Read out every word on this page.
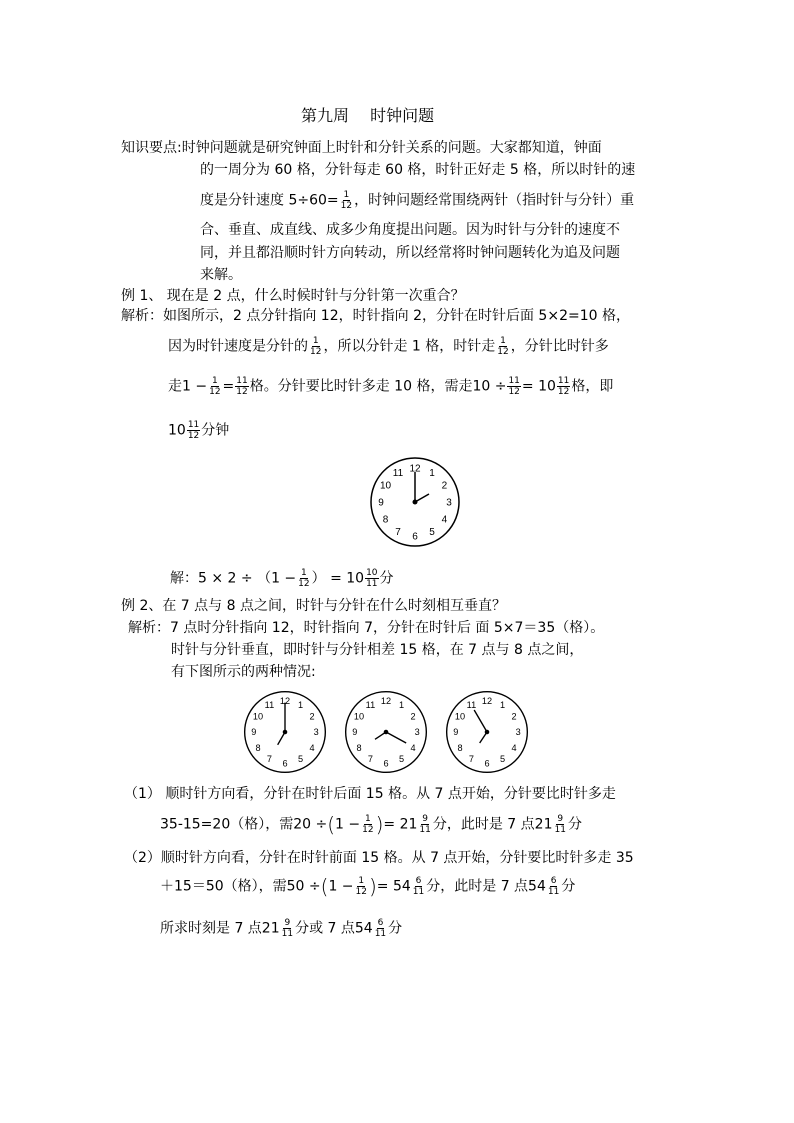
第九周　 时钟问题
知识要点:时钟问题就是研究钟面上时针和分针关系的问题。大家都知道，钟面
的一周分为 60 格，分针每走 60 格，时针正好走 5 格，所以时针的速
度是分针速度 $5\div 60= \frac{1}{12}$ ，时钟问题经常围绕两针（指时针与分针）重
合、垂直、成直线、成多少角度提出问题。因为时针与分针的速度不
同，并且都沿顺时针方向转动，所以经常将时钟问题转化为追及问题
来解。
例 1、 现在是 2 点，什么时候时针与分针第一次重合？
解析：如图所示，2 点分针指向 12，时针指向 2，分针在时针后面 5×2=10 格，
因为时针速度是分针的 $\frac{1}{12}$ ，所以分针走 1 格，时针走 $\frac{1}{12}$ ，分针比时针多
走$1 - \frac{1}{12} = \frac{11}{12}$ 格。分针要比时针多走 10 格，需走$10 \div \frac{11}{12} = 10 \frac{11}{12}$ 格，即
$10 \frac{11}{12}$ 分钟
12 1
2
3
4
5
6
7
8
9
10
11
解：$5 \times 2 \div (1 - \frac{1}{12}$ ） = $10 \frac{10}{11}$ 分
例 2、在 7 点与 8 点之间，时针与分针在什么时刻相互垂直？
解析：7 点时分针指向 12，时针指向 7，分针在时针后 面 5×7＝35（格）。
时针与分针垂直，即时针与分针相差 15 格，在 7 点与 8 点之间，
有下图所示的两种情况:
12 1
2
3
4
5
6
7
8
9
10
11	12 1
2
3
4
5
6
7
8
9
10
11	12 1
2
3
4
5
6
7
8
9
10
11
（1） 顺时针方向看，分针在时针后面 15 格。从 7 点开始，分针要比时针多走
35-15=20（格），需$20 \div(1 - \frac{1}{12}$ )= $21 \frac{9}{11}$ 分，此时是 7 点$21 \frac{9}{11}$ 分
（2）顺时针方向看，分针在时针前面 15 格。从 7 点开始，分针要比时针多走 35
＋15＝50（格），需$50 \div(1 - \frac{1}{12}$ )= $54 \frac{6}{11}$ 分，此时是 7 点$54 \frac{6}{11}$ 分
所求时刻是 7 点$21 \frac{9}{11}$ 分或 7 点$54 \frac{6}{11}$ 分
